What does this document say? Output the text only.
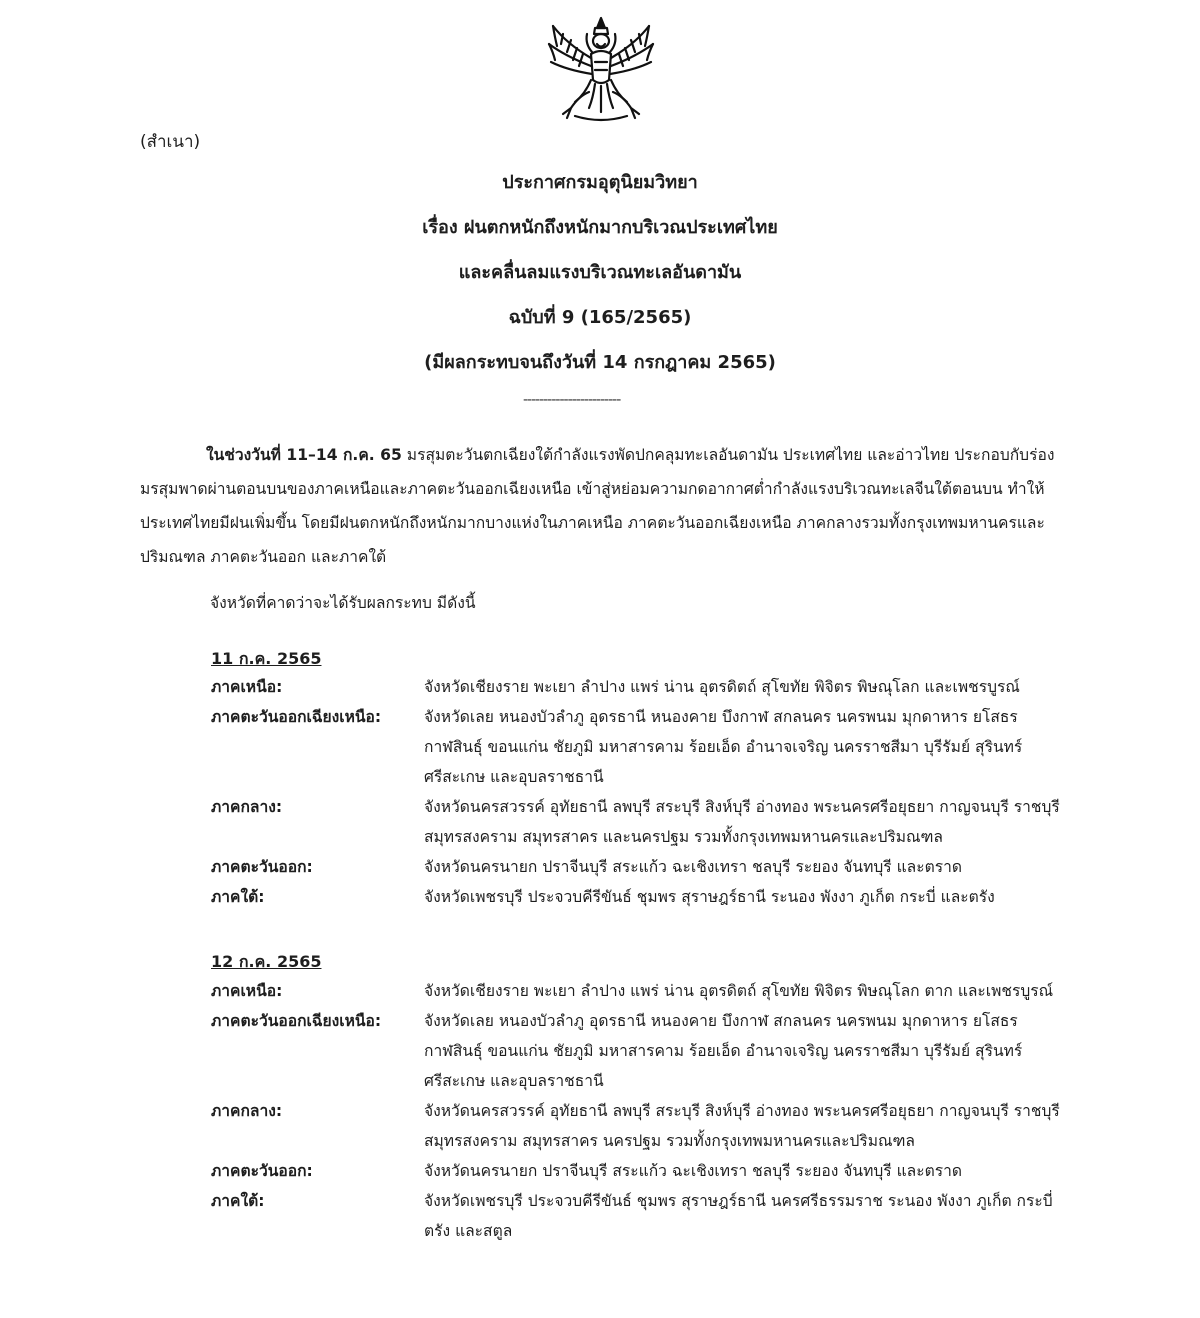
(สำเนา)
ประกาศกรมอุตุนิยมวิทยา
เรื่อง ฝนตกหนักถึงหนักมากบริเวณประเทศไทย
และคลื่นลมแรงบริเวณทะเลอันดามัน
ฉบับที่ 9 (165/2565)
(มีผลกระทบจนถึงวันที่ 14 กรกฎาคม 2565)
------------------------
ในช่วงวันที่ 11–14 ก.ค. 65 มรสุมตะวันตกเฉียงใต้กำลังแรงพัดปกคลุมทะเลอันดามัน ประเทศไทย และอ่าวไทย ประกอบกับร่องมรสุมพาดผ่านตอนบนของภาคเหนือและภาคตะวันออกเฉียงเหนือ เข้าสู่หย่อมความกดอากาศต่ำกำลังแรงบริเวณทะเลจีนใต้ตอนบน ทำให้ประเทศไทยมีฝนเพิ่มขึ้น โดยมีฝนตกหนักถึงหนักมากบางแห่งในภาคเหนือ ภาคตะวันออกเฉียงเหนือ ภาคกลางรวมทั้งกรุงเทพมหานครและปริมณฑล ภาคตะวันออก และภาคใต้
จังหวัดที่คาดว่าจะได้รับผลกระทบ มีดังนี้
11 ก.ค. 2565
ภาคเหนือ:	จังหวัดเชียงราย พะเยา ลำปาง แพร่ น่าน อุตรดิตถ์ สุโขทัย พิจิตร พิษณุโลก และเพชรบูรณ์
ภาคตะวันออกเฉียงเหนือ:	จังหวัดเลย หนองบัวลำภู อุดรธานี หนองคาย บึงกาฬ สกลนคร นครพนม มุกดาหาร ยโสธร กาฬสินธุ์ ขอนแก่น ชัยภูมิ มหาสารคาม ร้อยเอ็ด อำนาจเจริญ นครราชสีมา บุรีรัมย์ สุรินทร์ ศรีสะเกษ และอุบลราชธานี
ภาคกลาง:	จังหวัดนครสวรรค์ อุทัยธานี ลพบุรี สระบุรี สิงห์บุรี อ่างทอง พระนครศรีอยุธยา กาญจนบุรี ราชบุรี สมุทรสงคราม สมุทรสาคร และนครปฐม รวมทั้งกรุงเทพมหานครและปริมณฑล
ภาคตะวันออก:	จังหวัดนครนายก ปราจีนบุรี สระแก้ว ฉะเชิงเทรา ชลบุรี ระยอง จันทบุรี และตราด
ภาคใต้:	จังหวัดเพชรบุรี ประจวบคีรีขันธ์ ชุมพร สุราษฎร์ธานี ระนอง พังงา ภูเก็ต กระบี่ และตรัง
12 ก.ค. 2565
ภาคเหนือ:	จังหวัดเชียงราย พะเยา ลำปาง แพร่ น่าน อุตรดิตถ์ สุโขทัย พิจิตร พิษณุโลก ตาก และเพชรบูรณ์
ภาคตะวันออกเฉียงเหนือ:	จังหวัดเลย หนองบัวลำภู อุดรธานี หนองคาย บึงกาฬ สกลนคร นครพนม มุกดาหาร ยโสธร กาฬสินธุ์ ขอนแก่น ชัยภูมิ มหาสารคาม ร้อยเอ็ด อำนาจเจริญ นครราชสีมา บุรีรัมย์ สุรินทร์ ศรีสะเกษ และอุบลราชธานี
ภาคกลาง:	จังหวัดนครสวรรค์ อุทัยธานี ลพบุรี สระบุรี สิงห์บุรี อ่างทอง พระนครศรีอยุธยา กาญจนบุรี ราชบุรี สมุทรสงคราม สมุทรสาคร นครปฐม รวมทั้งกรุงเทพมหานครและปริมณฑล
ภาคตะวันออก:	จังหวัดนครนายก ปราจีนบุรี สระแก้ว ฉะเชิงเทรา ชลบุรี ระยอง จันทบุรี และตราด
ภาคใต้:	จังหวัดเพชรบุรี ประจวบคีรีขันธ์ ชุมพร สุราษฎร์ธานี นครศรีธรรมราช ระนอง พังงา ภูเก็ต กระบี่ ตรัง และสตูล
